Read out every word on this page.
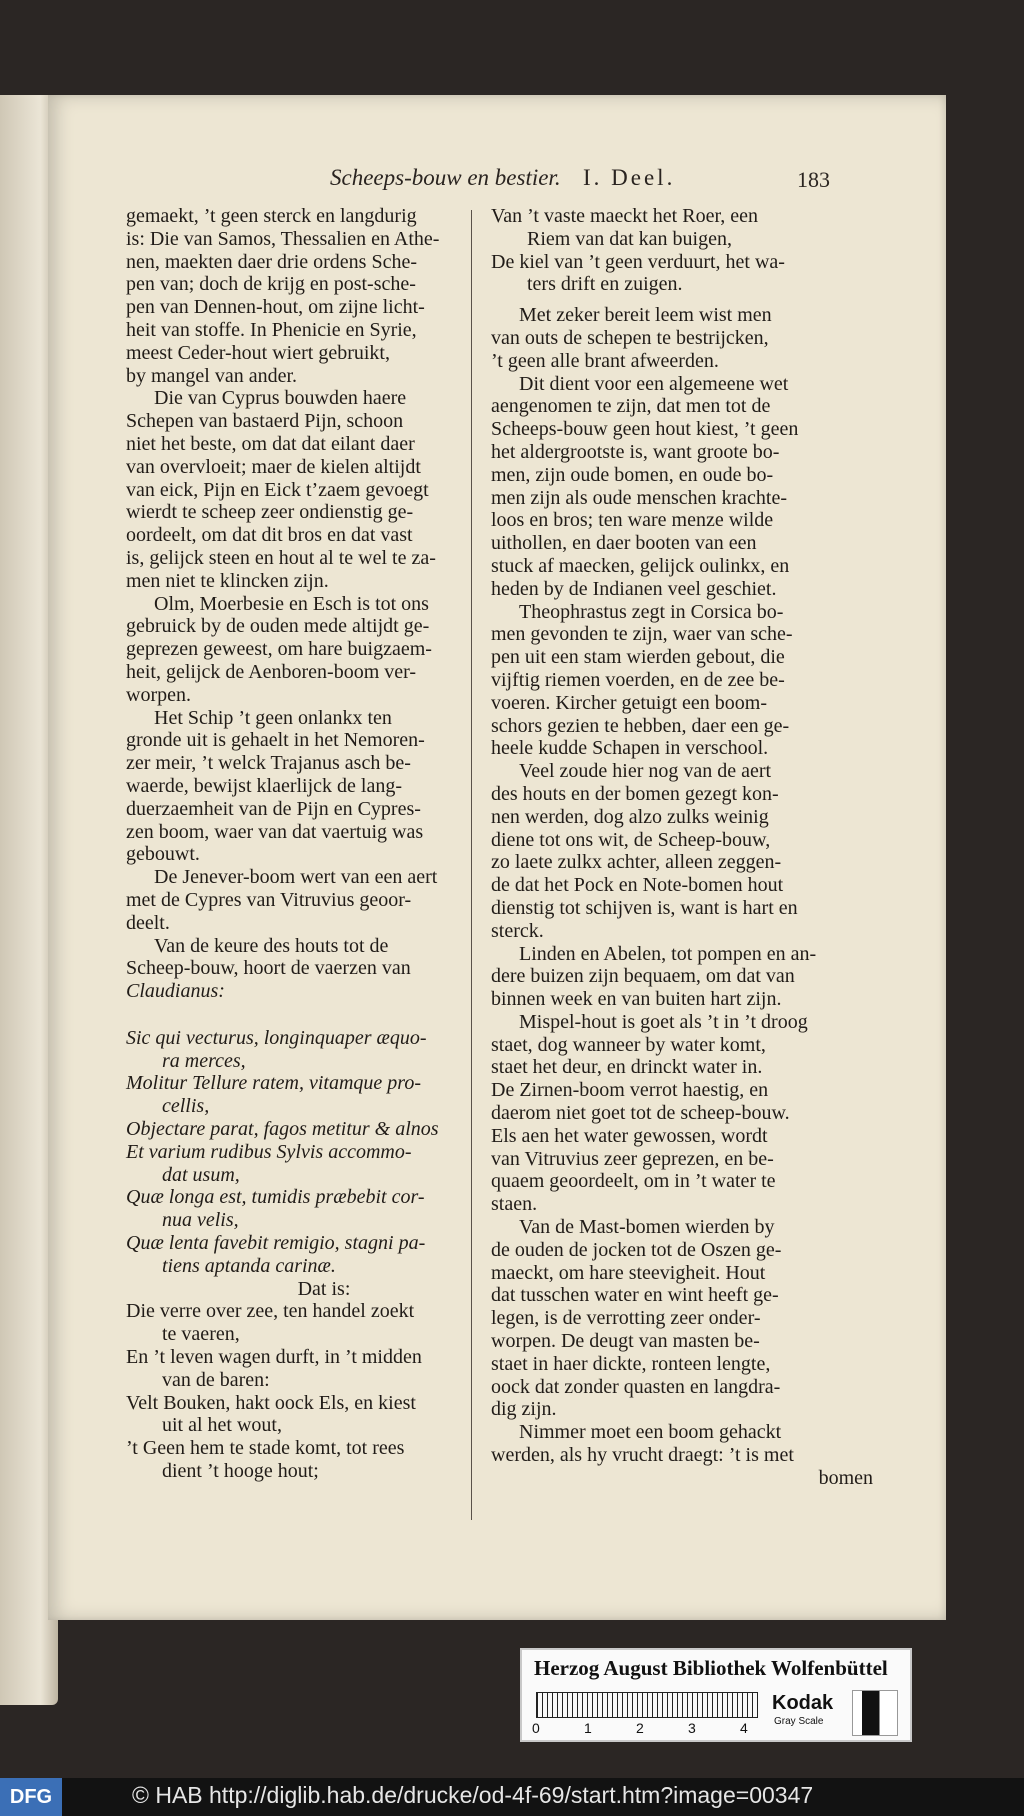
Scheeps-bouw en bestier. I. Deel.	183

gemaekt, ’t geen sterck en langdurig

is: Die van Samos, Thessalien en Athe-

nen, maekten daer drie ordens Sche-

pen van; doch de krijg en post-sche-

pen van Dennen-hout, om zijne licht-

heit van stoffe. In Phenicie en Syrie,

meest Ceder-hout wiert gebruikt,

by mangel van ander.

Die van Cyprus bouwden haere

Schepen van bastaerd Pijn, schoon

niet het beste, om dat dat eilant daer

van overvloeit; maer de kielen altijdt

van eick, Pijn en Eick t’zaem gevoegt

wierdt te scheep zeer ondienstig ge-

oordeelt, om dat dit bros en dat vast

is, gelijck steen en hout al te wel te za-

men niet te klincken zijn.

Olm, Moerbesie en Esch is tot ons

gebruick by de ouden mede altijdt ge-

geprezen geweest, om hare buigzaem-

heit, gelijck de Aenboren-boom ver-

worpen.

Het Schip ’t geen onlankx ten

gronde uit is gehaelt in het Nemoren-

zer meir, ’t welck Trajanus asch be-

waerde, bewijst klaerlijck de lang-

duerzaemheit van de Pijn en Cypres-

zen boom, waer van dat vaertuig was

gebouwt.

De Jenever-boom wert van een aert

met de Cypres van Vitruvius geoor-

deelt.

Van de keure des houts tot de

Scheep-bouw, hoort de vaerzen van

Claudianus:

Sic qui vecturus, longinquaper æquo-

ra merces,

Molitur Tellure ratem, vitamque pro-

cellis,

Objectare parat, fagos metitur & alnos

Et varium rudibus Sylvis accommo-

dat usum,

Quæ longa est, tumidis præbebit cor-

nua velis,

Quæ lenta favebit remigio, stagni pa-

tiens aptanda carinæ.

Dat is:

Die verre over zee, ten handel zoekt

te vaeren,

En ’t leven wagen durft, in ’t midden

van de baren:

Velt Bouken, hakt oock Els, en kiest

uit al het wout,

’t Geen hem te stade komt, tot rees

dient ’t hooge hout;

Van ’t vaste maeckt het Roer, een

Riem van dat kan buigen,

De kiel van ’t geen verduurt, het wa-

ters drift en zuigen.

Met zeker bereit leem wist men

van outs de schepen te bestrijcken,

’t geen alle brant afweerden.

Dit dient voor een algemeene wet

aengenomen te zijn, dat men tot de

Scheeps-bouw geen hout kiest, ’t geen

het aldergrootste is, want groote bo-

men, zijn oude bomen, en oude bo-

men zijn als oude menschen krachte-

loos en bros; ten ware menze wilde

uithollen, en daer booten van een

stuck af maecken, gelijck oulinkx, en

heden by de Indianen veel geschiet.

Theophrastus zegt in Corsica bo-

men gevonden te zijn, waer van sche-

pen uit een stam wierden gebout, die

vijftig riemen voerden, en de zee be-

voeren. Kircher getuigt een boom-

schors gezien te hebben, daer een ge-

heele kudde Schapen in verschool.

Veel zoude hier nog van de aert

des houts en der bomen gezegt kon-

nen werden, dog alzo zulks weinig

diene tot ons wit, de Scheep-bouw,

zo laete zulkx achter, alleen zeggen-

de dat het Pock en Note-bomen hout

dienstig tot schijven is, want is hart en

sterck.

Linden en Abelen, tot pompen en an-

dere buizen zijn bequaem, om dat van

binnen week en van buiten hart zijn.

Mispel-hout is goet als ’t in ’t droog

staet, dog wanneer by water komt,

staet het deur, en drinckt water in.

De Zirnen-boom verrot haestig, en

daerom niet goet tot de scheep-bouw.

Els aen het water gewossen, wordt

van Vitruvius zeer geprezen, en be-

quaem geoordeelt, om in ’t water te

staen.

Van de Mast-bomen wierden by

de ouden de jocken tot de Oszen ge-

maeckt, om hare steevigheit. Hout

dat tusschen water en wint heeft ge-

legen, is de verrotting zeer onder-

worpen. De deugt van masten be-

staet in haer dickte, ronteen lengte,

oock dat zonder quasten en langdra-

dig zijn.

Nimmer moet een boom gehackt

werden, als hy vrucht draegt: ’t is met

bomen

Herzog August Bibliothek Wolfenbüttel
0	1	2	3	4
Kodak
Gray Scale
DFG	© HAB http://diglib.hab.de/drucke/od-4f-69/start.htm?image=00347
